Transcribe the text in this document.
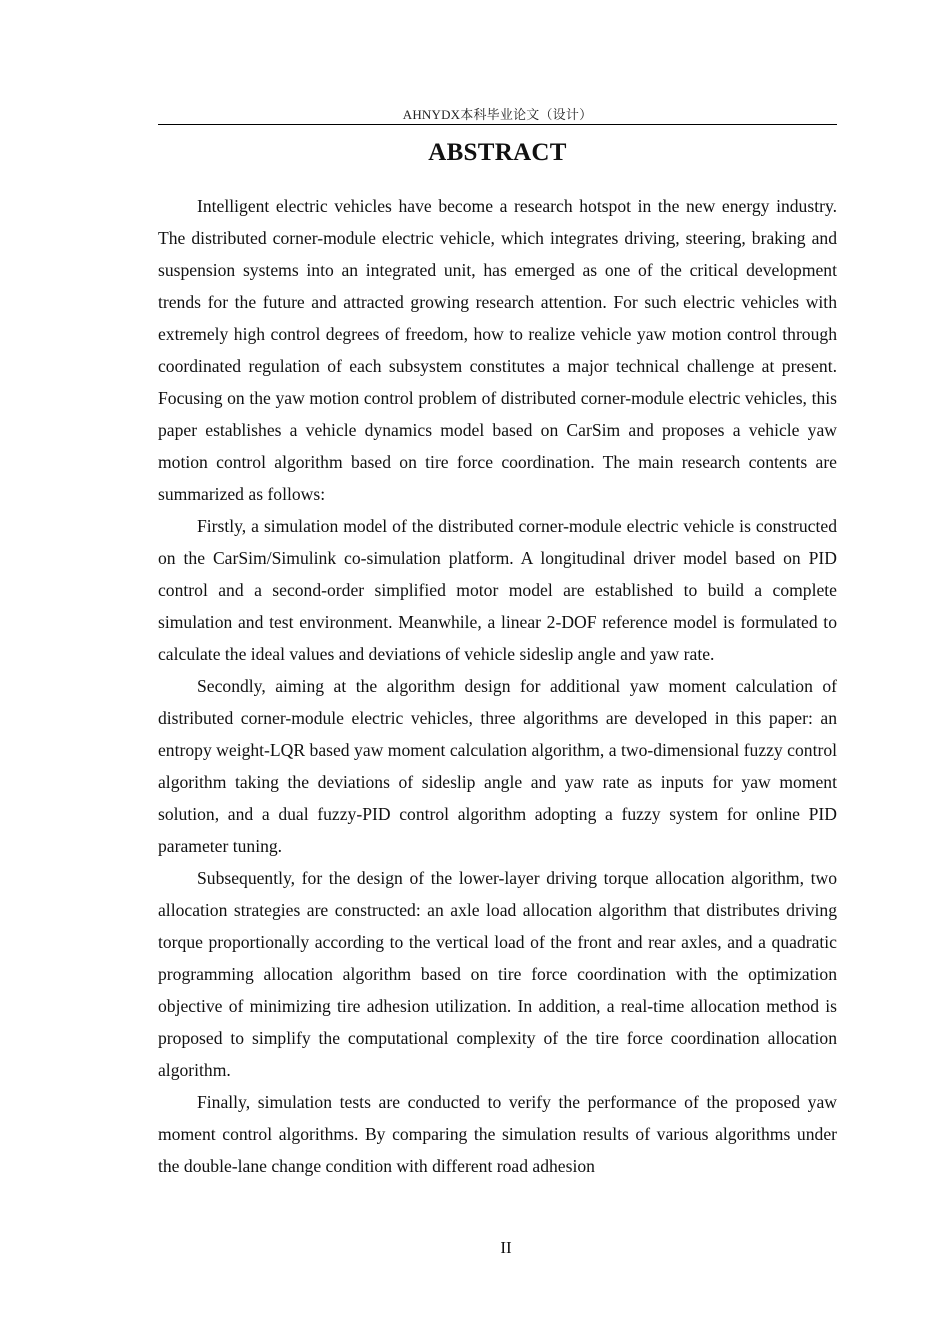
AHNYDX本科毕业论文（设计）
ABSTRACT

Intelligent electric vehicles have become a research hotspot in the new energy industry. The distributed corner-module electric vehicle, which integrates driving, steering, braking and suspension systems into an integrated unit, has emerged as one of the critical development trends for the future and attracted growing research attention. For such electric vehicles with extremely high control degrees of freedom, how to realize vehicle yaw motion control through coordinated regulation of each subsystem constitutes a major technical challenge at present. Focusing on the yaw motion control problem of distributed corner-module electric vehicles, this paper establishes a vehicle dynamics model based on CarSim and proposes a vehicle yaw motion control algorithm based on tire force coordination. The main research contents are summarized as follows:

Firstly, a simulation model of the distributed corner-module electric vehicle is constructed on the CarSim/Simulink co-simulation platform. A longitudinal driver model based on PID control and a second-order simplified motor model are established to build a complete simulation and test environment. Meanwhile, a linear 2-DOF reference model is formulated to calculate the ideal values and deviations of vehicle sideslip angle and yaw rate.

Secondly, aiming at the algorithm design for additional yaw moment calculation of distributed corner-module electric vehicles, three algorithms are developed in this paper: an entropy weight-LQR based yaw moment calculation algorithm, a two-dimensional fuzzy control algorithm taking the deviations of sideslip angle and yaw rate as inputs for yaw moment solution, and a dual fuzzy-PID control algorithm adopting a fuzzy system for online PID parameter tuning.

Subsequently, for the design of the lower-layer driving torque allocation algorithm, two allocation strategies are constructed: an axle load allocation algorithm that distributes driving torque proportionally according to the vertical load of the front and rear axles, and a quadratic programming allocation algorithm based on tire force coordination with the optimization objective of minimizing tire adhesion utilization. In addition, a real-time allocation method is proposed to simplify the computational complexity of the tire force coordination allocation algorithm.

Finally, simulation tests are conducted to verify the performance of the proposed yaw moment control algorithms. By comparing the simulation results of various algorithms under the double-lane change condition with different road adhesion

II
